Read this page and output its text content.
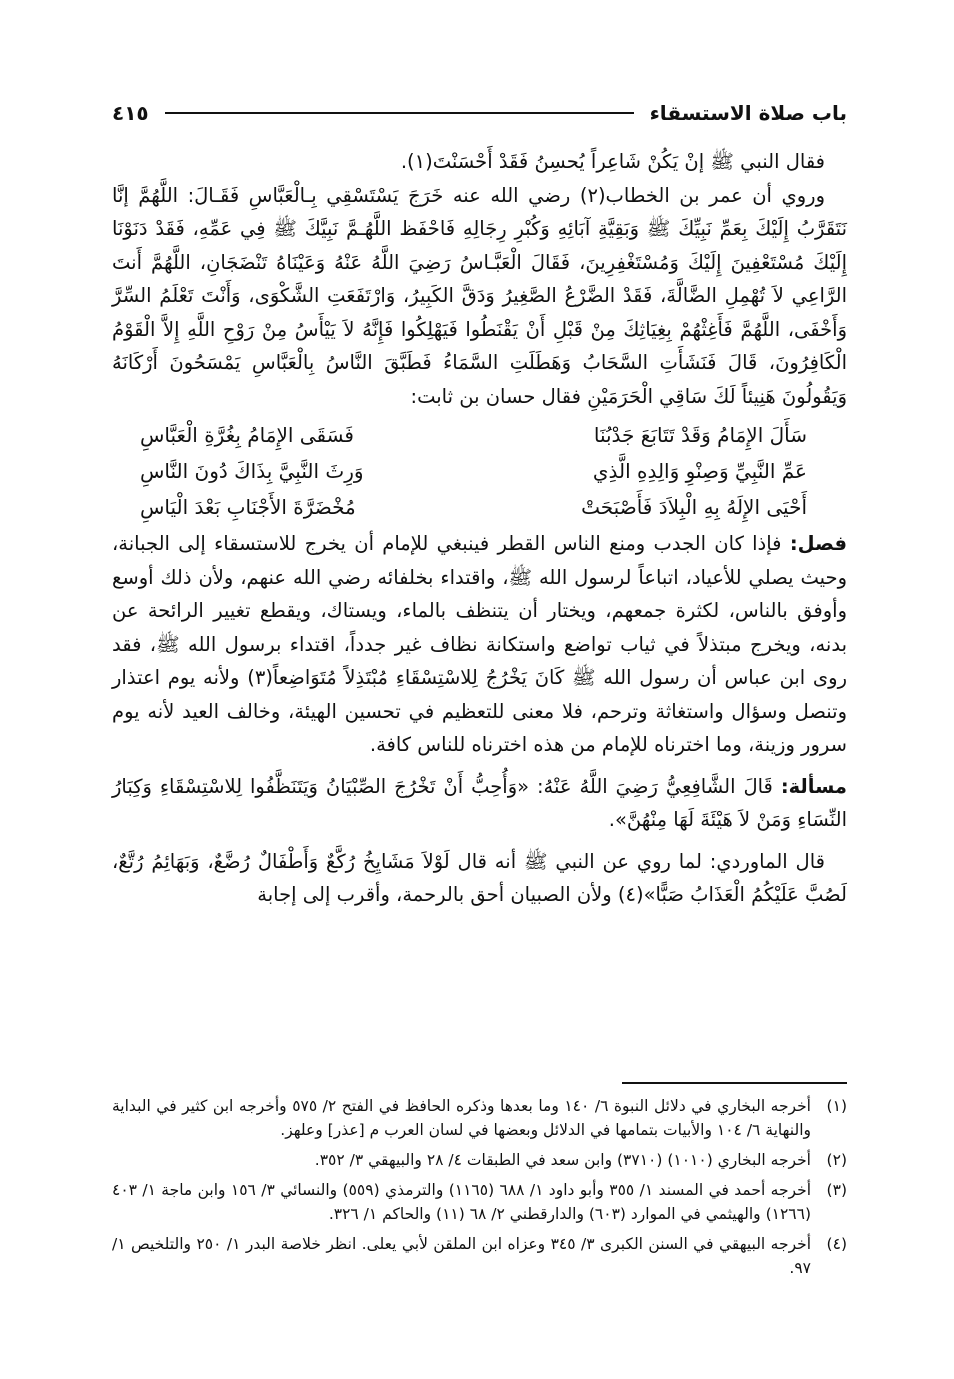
باب صلاة الاستسقاء
٤١٥

فقال النبي ﷺ إنْ يَكُنْ شَاعِراً يُحسِنُ فَقَدْ أَحْسَنْتَ(١).

وروي أن عمر بن الخطاب(٢) رضي الله عنه خَرَجَ يَسْتَسْقِي بِـالْعَبَّاسِ فَقَـالَ: اللَّهُمَّ إنَّا نَتَقَرَّبُ إِلَيْكَ بِعَمِّ نَبِيِّكَ ﷺ وَبَقِيَّةِ آبَائِهِ وَكُبْرِ رِجَالِهِ فَاحْفَظ اللَّهُـمَّ نَبِيَّكَ ﷺ فِي عَمِّهِ، فَقَدْ دَنَوْنَا إِلَيْكَ مُسْتَعْفِينَ إِلَيْكَ وَمُسْتَغْفِرِينَ، فَقَالَ الْعَبَّـاسُ رَضِيَ اللَّهُ عَنْهُ وَعَيْنَاهُ تَنْضَجَانِ، اللَّهُمَّ أَنتَ الرَّاعِي لاَ تُهْمِلِ الضَّالَّةَ، فَقَدْ الضَّرْعُ الصَّغِيرُ وَدَقَّ الكَبِيرُ، وَارْتَفَعَتِ الشَّكْوَى، وَأَنْتَ تَعْلَمُ السِّرَّ وَأَخْفَى، اللَّهُمَّ فَأَغِثْهُمْ بِغِيَاثِكَ مِنْ قَبْلِ أَنْ يَقْنَطُوا فَيَهْلِكُوا فَإِنَّهُ لاَ يَيْأَسُ مِنْ رَوْحِ اللَّهِ إِلاَّ الْقَوْمُ الْكَافِرُونَ، قَالَ فَنَشَأَتِ السَّحَابُ وَهَطَلَتِ السَّمَاءُ فَطَبَّقَ النَّاسُ بِالْعَبَّاسِ يَمْسَحُونَ أَرْكَانَهُ وَيَقُولُونَ هَنِيئاً لَكَ سَاقِي الْحَرَمَيْنِ فقال حسان بن ثابت:

سَأَلَ الإِمَامُ وَقَدْ تَتَابَعَ جَدْبُنَا
فَسَقَى الإِمَامُ بِغُرَّةِ الْعَبَّاسِ
عَمِّ النَّبِيِّ وَصِنْوِ وَالِدِهِ الَّذِي
وَرِثَ النَّبِيَّ بِذَاكَ دُونَ النَّاسِ
أَحْيَى الإِلَهُ بِهِ الْبِلاَدَ فَأَصْبَحَتْ
مُخْضَرَّةَ الأَجْنَابِ بَعْدَ الْيَاسِ

فصل: فإذا كان الجدب ومنع الناس القطر فينبغي للإمام أن يخرج للاستسقاء إلى الجبانة، وحيث يصلي للأعياد، اتباعاً لرسول الله ﷺ، واقتداء بخلفائه رضي الله عنهم، ولأن ذلك أوسع وأوفق بالناس، لكثرة جمعهم، ويختار أن يتنظف بالماء، ويستاك، ويقطع تغيير الرائحة عن بدنه، ويخرج مبتذلاً في ثياب تواضع واستكانة نظاف غير جدداً، اقتداء برسول الله ﷺ، فقد روى ابن عباس أن رسول الله ﷺ كَانَ يَخْرُجُ لِلاسْتِسْقَاءِ مُبْتَذِلاً مُتَوَاضِعاً(٣) ولأنه يوم اعتذار وتنصل وسؤال واستغاثة وترحم، فلا معنى للتعظيم في تحسين الهيئة، وخالف العيد لأنه يوم سرور وزينة، وما اخترناه للإمام من هذه اخترناه للناس كافة.

مسألة: قَالَ الشَّافِعِيُّ رَضِيَ اللَّهُ عَنْهُ: «وَأُحِبُّ أَنْ تَخْرُجَ الصِّبْيَانُ وَيَتَنَظَّفُوا لِلاسْتِسْقَاءِ وَكِبَارُ النِّسَاءِ وَمَنْ لاَ هَيْئَةَ لَهَا مِنْهُنَّ».

قال الماوردي: لما روي عن النبي ﷺ أنه قال لَوْلاَ مَشَايِخُ رُكَّعٌ وَأَطْفَالٌ رُضَّعٌ، وَبَهَائِمُ رُتَّعٌ، لَصُبَّ عَلَيْكُمُ الْعَذَابُ صَبًّا»(٤) ولأن الصبيان أحق بالرحمة، وأقرب إلى إجابة

(١)
أخرجه البخاري في دلائل النبوة ٦/ ١٤٠ وما بعدها وذكره الحافظ في الفتح ٢/ ٥٧٥ وأخرجه ابن كثير في البداية والنهاية ٦/ ١٠٤ والأبيات بتمامها في الدلائل وبعضها في لسان العرب م [عذر] وعلهز.
(٢)
أخرجه البخاري (١٠١٠) (٣٧١٠) وابن سعد في الطبقات ٤/ ٢٨ والبيهقي ٣/ ٣٥٢.
(٣)
أخرجه أحمد في المسند ١/ ٣٥٥ وأبو داود ١/ ٦٨٨ (١١٦٥) والترمذي (٥٥٩) والنسائي ٣/ ١٥٦ وابن ماجة ١/ ٤٠٣ (١٢٦٦) والهيثمي في الموارد (٦٠٣) والدارقطني ٢/ ٦٨ (١١) والحاكم ١/ ٣٢٦.
(٤)
أخرجه البيهقي في السنن الكبرى ٣/ ٣٤٥ وعزاه ابن الملقن لأبي يعلى. انظر خلاصة البدر ١/ ٢٥٠ والتلخيص ١/ ٩٧.
